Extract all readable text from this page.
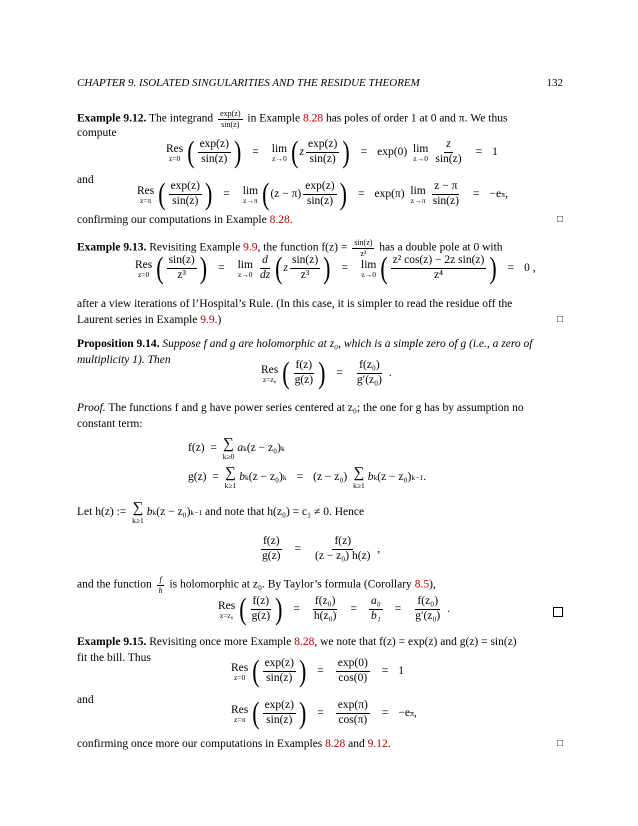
CHAPTER 9. ISOLATED SINGULARITIES AND THE RESIDUE THEOREM	132
Example 9.12. The integrand $\frac{\exp(z)}{\sin(z)}$ in Example 8.28 has poles of order 1 at 0 and π. We thus
compute
Res
z=0 ( $\frac{\exp(z)}{\sin(z)}$ ) = lim
z→0 ( z $\frac{\exp(z)}{\sin(z)}$ ) = exp(0)
lim
$z\to 0 \frac{z}{\sin(z)} = 1$
and
Res
z=π ( $\frac{\exp(z)}{\sin(z)}$ ) = lim
z→π ( $(z - \pi) \frac{\exp(z)}{\sin(z)}$ ) = exp(π)
lim
$z\to\pi \frac{z - \pi}{\sin(z)} = -e$ π ,
confirming our computations in Example 8.28.	□
Example 9.13. Revisiting Example 9.9, the function $f(z) = \frac{\sin(z)}{\text{z³}}$ has a double pole at 0 with
Res
z=0 ( $\frac{\sin(z)}{\text{z³}}$ ) = lim
$z\to 0 \frac{d}{dz}$ ( z $\frac{\sin(z)}{\text{z³}}$ ) = lim
z→0 ( $\frac{\text{z² cos(z) − 2z sin(z)}}{\text{z⁴}}$ ) = 0
,
after a view iterations of l’Hospital’s Rule. (In this case, it is simpler to read the residue off the
Laurent series in Example 9.9.)	□
Proposition 9.14. Suppose f and g are holomorphic at z₀, which is a simple zero of g (i.e., a zero of
multiplicity 1). Then
Res
z=z₀ ( $\frac{f(z)}{g(z)}$ ) = $\frac{\text{f(z₀)}}{\text{g′(z₀)}}$
.
Proof. The functions f and g have power series centered at z₀; the one for g has by assumption no
constant term:
f(z)  =
∑
k≥0
a k (z − z₀) k
g(z)  =
∑
k≥1
b k (z − z₀) k = (z − z₀)
∑
k≥1
b k (z − z₀) k−1 .
Let h(z) :=
∑
k≥1
b k (z − z₀) k−1
and note that h(z₀) = c₁ ≠ 0. Hence
$\frac{f(z)}{g(z)} = \frac{f(z)}{\text{(z − z₀) h(z)}}$
,
and the function $\frac{f}{h}$ is holomorphic at z₀. By Taylor’s formula (Corollary 8.5),
Res
z=z₀ ( $\frac{f(z)}{g(z)}$ ) = $\frac{\text{f(z₀)}}{\text{h(z₀)}} = \frac{\text{a₀}}{\text{b₁}} = \frac{\text{f(z₀)}}{\text{g′(z₀)}}$
.
Example 9.15. Revisiting once more Example 8.28, we note that f(z) = exp(z) and g(z) = sin(z)
fit the bill. Thus
Res
z=0 ( $\frac{\exp(z)}{\sin(z)}$ ) = $\frac{\exp(0)}{\cos(0)} = 1$
and
Res
z=π ( $\frac{\exp(z)}{\sin(z)}$ ) = $\frac{\exp(\pi)}{\cos(\pi)} = -e$ π ,
confirming once more our computations in Examples 8.28 and 9.12.	□
